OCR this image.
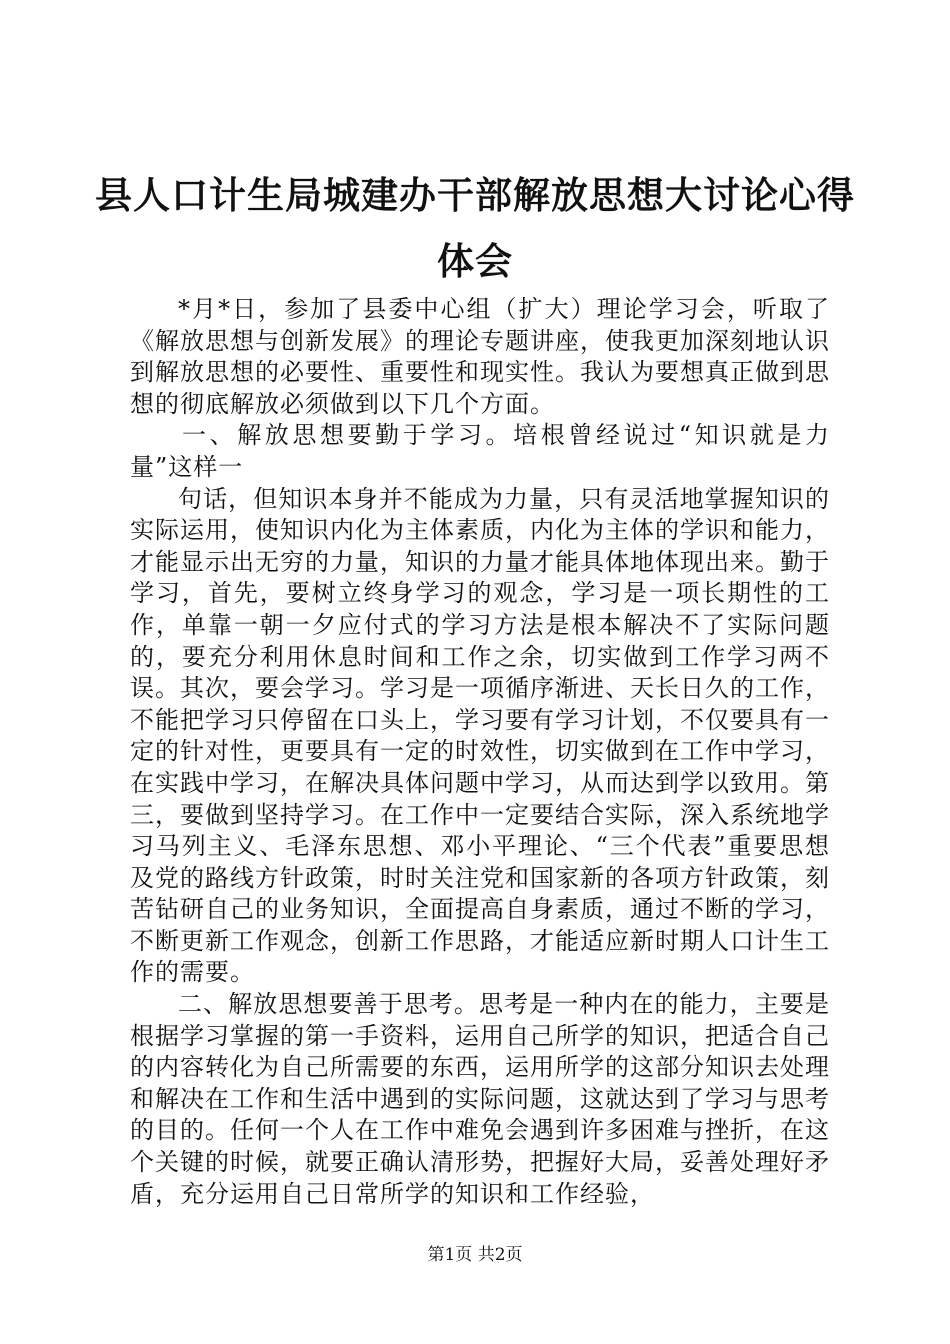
县人口计生局城建办干部解放思想大讨论心得体会

*月*日，参加了县委中心组（扩大）理论学习会，听取了《解放思想与创新发展》的理论专题讲座，使我更加深刻地认识到解放思想的必要性、重要性和现实性。我认为要想真正做到思想的彻底解放必须做到以下几个方面。

一、解放思想要勤于学习。培根曾经说过“知识就是力量”这样一

句话，但知识本身并不能成为力量，只有灵活地掌握知识的实际运用，使知识内化为主体素质，内化为主体的学识和能力，才能显示出无穷的力量，知识的力量才能具体地体现出来。勤于学习，首先，要树立终身学习的观念，学习是一项长期性的工作，单靠一朝一夕应付式的学习方法是根本解决不了实际问题的，要充分利用休息时间和工作之余，切实做到工作学习两不误。其次，要会学习。学习是一项循序渐进、天长日久的工作，不能把学习只停留在口头上，学习要有学习计划，不仅要具有一定的针对性，更要具有一定的时效性，切实做到在工作中学习，在实践中学习，在解决具体问题中学习，从而达到学以致用。第三，要做到坚持学习。在工作中一定要结合实际，深入系统地学习马列主义、毛泽东思想、邓小平理论、“三个代表”重要思想及党的路线方针政策，时时关注党和国家新的各项方针政策，刻苦钻研自己的业务知识，全面提高自身素质，通过不断的学习，不断更新工作观念，创新工作思路，才能适应新时期人口计生工作的需要。

二、解放思想要善于思考。思考是一种内在的能力，主要是根据学习掌握的第一手资料，运用自己所学的知识，把适合自己的内容转化为自己所需要的东西，运用所学的这部分知识去处理和解决在工作和生活中遇到的实际问题，这就达到了学习与思考的目的。任何一个人在工作中难免会遇到许多困难与挫折，在这个关键的时候，就要正确认清形势，把握好大局，妥善处理好矛盾，充分运用自己日常所学的知识和工作经验，

第1页 共2页
